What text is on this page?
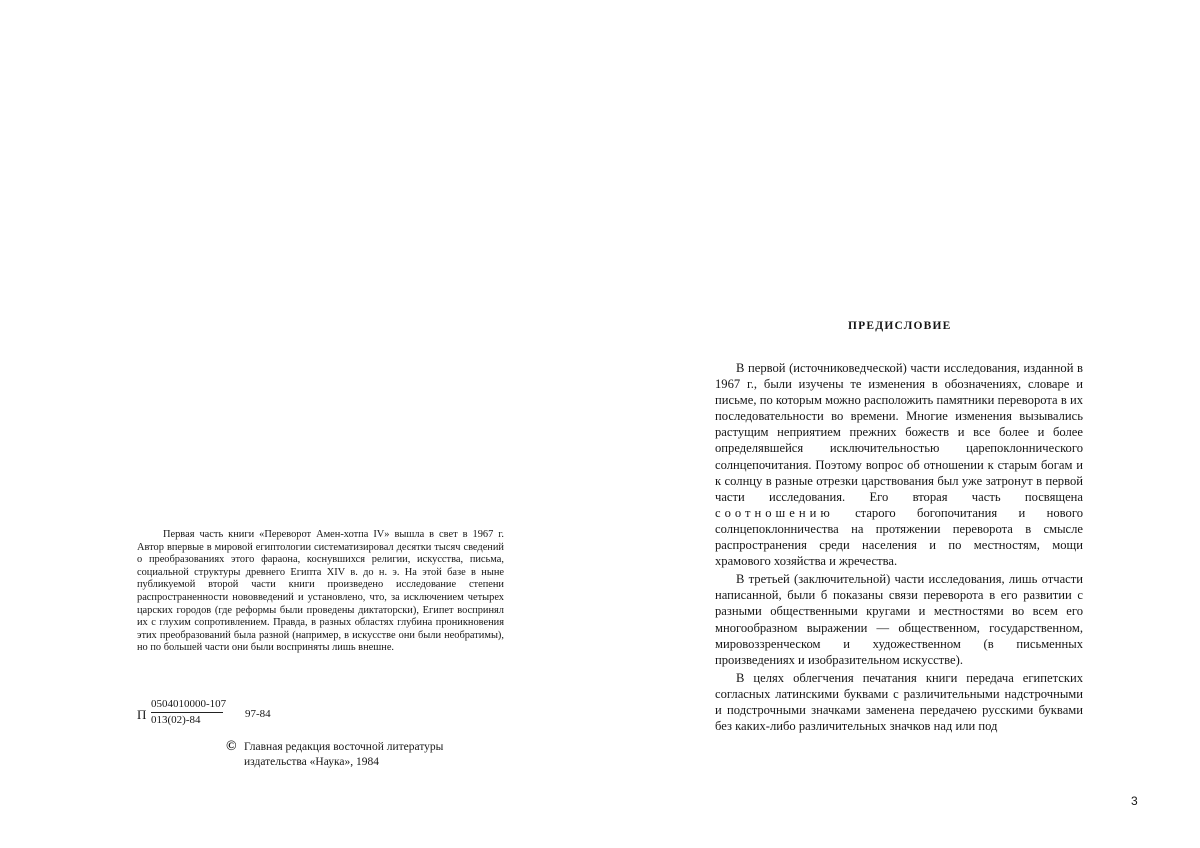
Первая часть книги «Переворот Амен-хотпа IV» вышла в свет в 1967 г. Автор впервые в мировой египтологии систематизировал десятки тысяч сведений о преобразованиях этого фараона, коснувшихся религии, искусства, письма, социальной структуры древнего Египта XIV в. до н. э. На этой базе в ныне публикуемой второй части книги произведено исследование степени распространенности нововведений и установлено, что, за исключением четырех царских городов (где реформы были проведены диктаторски), Египет воспринял их с глухим сопротивлением. Правда, в разных областях глубина проникновения этих преобразований была разной (например, в искусстве они были необратимы), но по большей части они были восприняты лишь внешне.

П $\frac{0504010000-107}{013(02)-84} 97-84$
© Главная редакция восточной литературы
издательства «Наука», 1984
ПРЕДИСЛОВИЕ

В первой (источниковедческой) части исследования, изданной в 1967 г., были изучены те изменения в обозначениях, словаре и письме, по которым можно расположить памятники переворота в их последовательности во времени. Многие изменения вызывались растущим неприятием прежних божеств и все более и более определявшейся исключительностью царепоклоннического солнцепочитания. Поэтому вопрос об отношении к старым богам и к солнцу в разные отрезки царствования был уже затронут в первой части исследования. Его вторая часть посвящена соотношению старого богопочитания и нового солнцепоклонничества на протяжении переворота в смысле распространения среди населения и по местностям, мощи храмового хозяйства и жречества.

В третьей (заключительной) части исследования, лишь отчасти написанной, были б показаны связи переворота в его развитии с разными общественными кругами и местностями во всем его многообразном выражении — общественном, государственном, мировоззренческом и художественном (в письменных произведениях и изобразительном искусстве).

В целях облегчения печатания книги передача египетских согласных латинскими буквами с различительными надстрочными и подстрочными значками заменена передачею русскими буквами без каких-либо различительных значков над или под

3
